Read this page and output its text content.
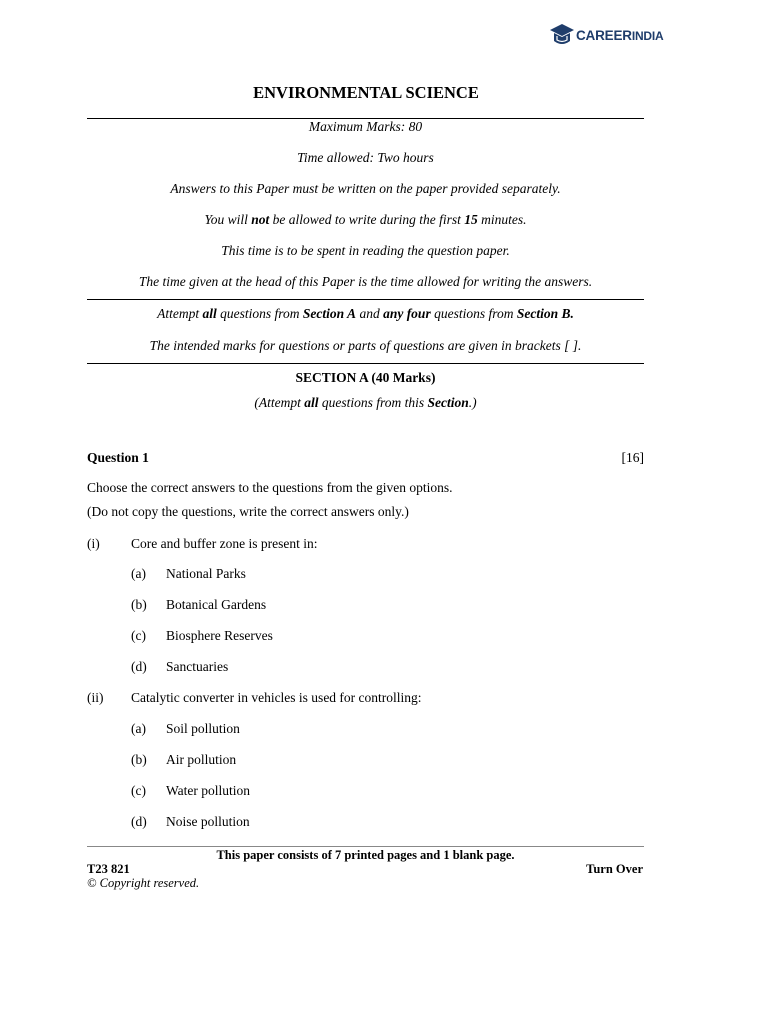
CAREERINDIA
ENVIRONMENTAL SCIENCE
Maximum Marks: 80
Time allowed: Two hours
Answers to this Paper must be written on the paper provided separately.
You will not be allowed to write during the first 15 minutes.
This time is to be spent in reading the question paper.
The time given at the head of this Paper is the time allowed for writing the answers.
Attempt all questions from Section A and any four questions from Section B.
The intended marks for questions or parts of questions are given in brackets [ ].
SECTION A (40 Marks)
(Attempt all questions from this Section.)
Question 1	[16]
Choose the correct answers to the questions from the given options.
(Do not copy the questions, write the correct answers only.)
(i) Core and buffer zone is present in:
(a) National Parks
(b) Botanical Gardens
(c) Biosphere Reserves
(d) Sanctuaries
(ii) Catalytic converter in vehicles is used for controlling:
(a) Soil pollution
(b) Air pollution
(c) Water pollution
(d) Noise pollution
This paper consists of 7 printed pages and 1 blank page.
T23 821	Turn Over
© Copyright reserved.
